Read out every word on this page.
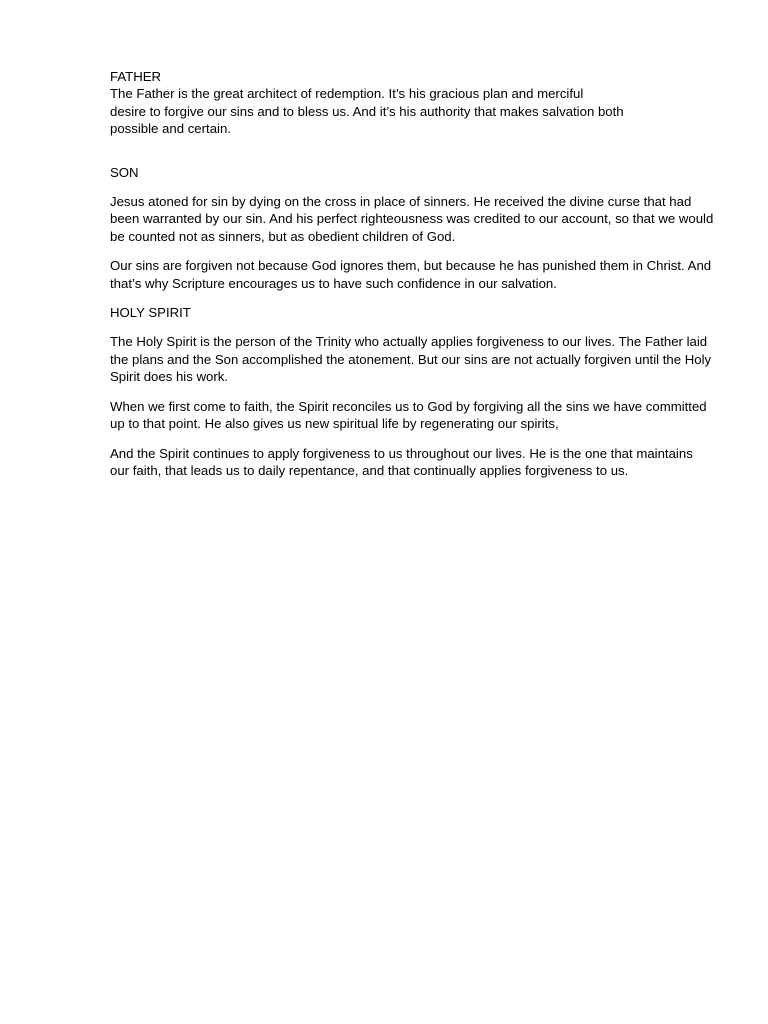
FATHER

The Father is the great architect of redemption. It’s his gracious plan and merciful
desire to forgive our sins and to bless us. And it’s his authority that makes salvation both
possible and certain.

SON

Jesus atoned for sin by dying on the cross in place of sinners. He received the divine curse that had been warranted by our sin. And his perfect righteousness was credited to our account, so that we would be counted not as sinners, but as obedient children of God.

Our sins are forgiven not because God ignores them, but because he has punished them in Christ. And that’s why Scripture encourages us to have such confidence in our salvation.

HOLY SPIRIT

The Holy Spirit is the person of the Trinity who actually applies forgiveness to our lives. The Father laid the plans and the Son accomplished the atonement. But our sins are not actually forgiven until the Holy Spirit does his work.

When we first come to faith, the Spirit reconciles us to God by forgiving all the sins we have committed up to that point. He also gives us new spiritual life by regenerating our spirits,

And the Spirit continues to apply forgiveness to us throughout our lives. He is the one that maintains our faith, that leads us to daily repentance, and that continually applies forgiveness to us.
